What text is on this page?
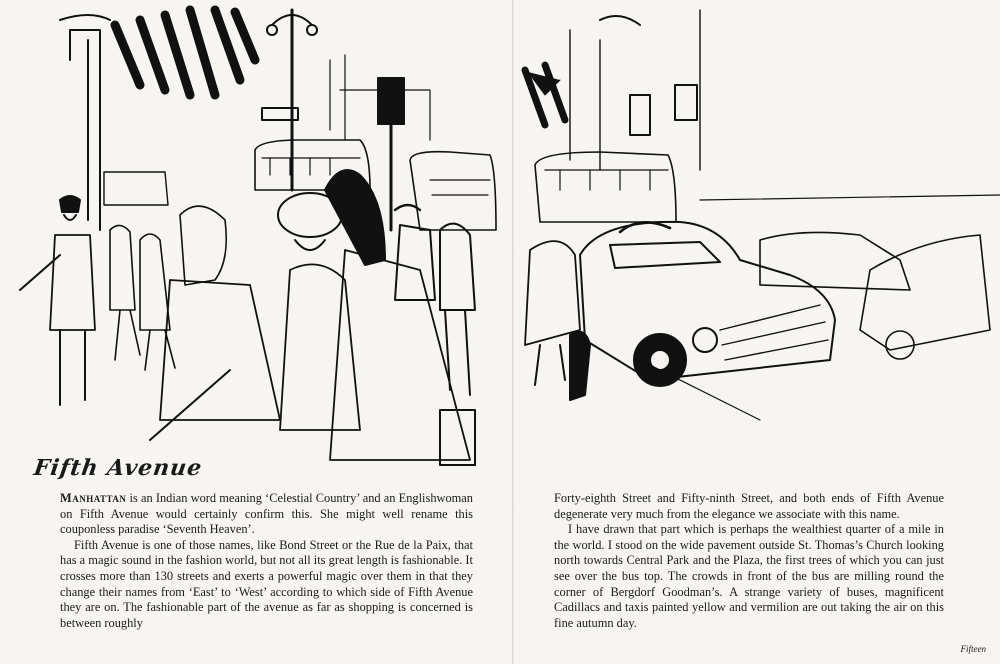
Fifth Avenue

Manhattan is an Indian word meaning ‘Celestial Country’ and an Englishwoman on Fifth Avenue would certainly confirm this. She might well rename this couponless paradise ‘Seventh Heaven’.

Fifth Avenue is one of those names, like Bond Street or the Rue de la Paix, that has a magic sound in the fashion world, but not all its great length is fashionable. It crosses more than 130 streets and exerts a powerful magic over them in that they change their names from ‘East’ to ‘West’ according to which side of Fifth Avenue they are on. The fashionable part of the avenue as far as shopping is concerned is between roughly

Forty-eighth Street and Fifty-ninth Street, and both ends of Fifth Avenue degenerate very much from the elegance we associate with this name.

I have drawn that part which is perhaps the wealthiest quarter of a mile in the world. I stood on the wide pavement outside St. Thomas’s Church looking north towards Central Park and the Plaza, the first trees of which you can just see over the bus top. The crowds in front of the bus are milling round the corner of Bergdorf Goodman’s. A strange variety of buses, magnificent Cadillacs and taxis painted yellow and vermilion are out taking the air on this fine autumn day.

Fifteen
